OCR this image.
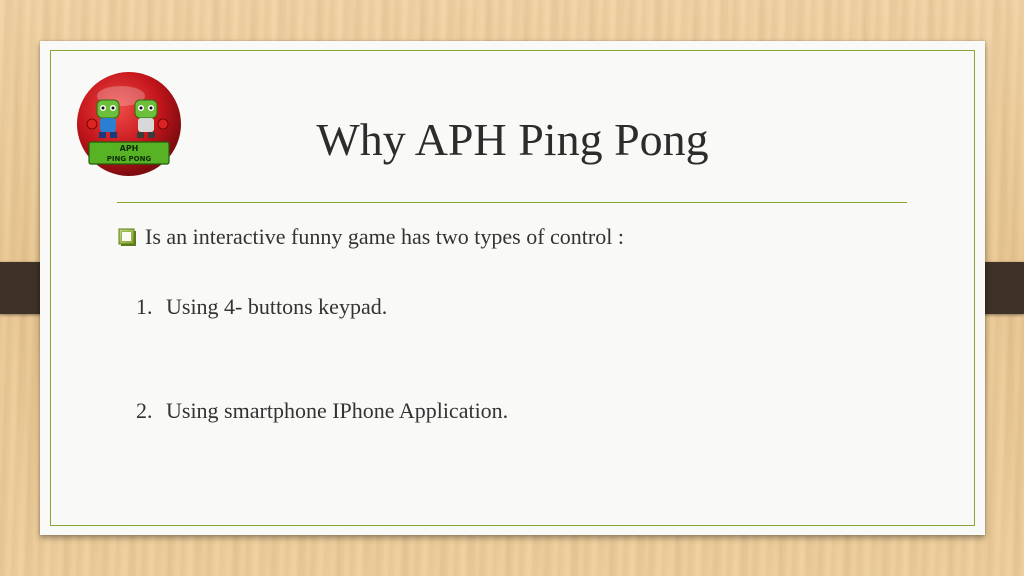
APH
PING PONG	Why APH Ping Pong
Is an interactive funny game has two types of control :
1. Using 4- buttons keypad.
2. Using smartphone IPhone Application.
